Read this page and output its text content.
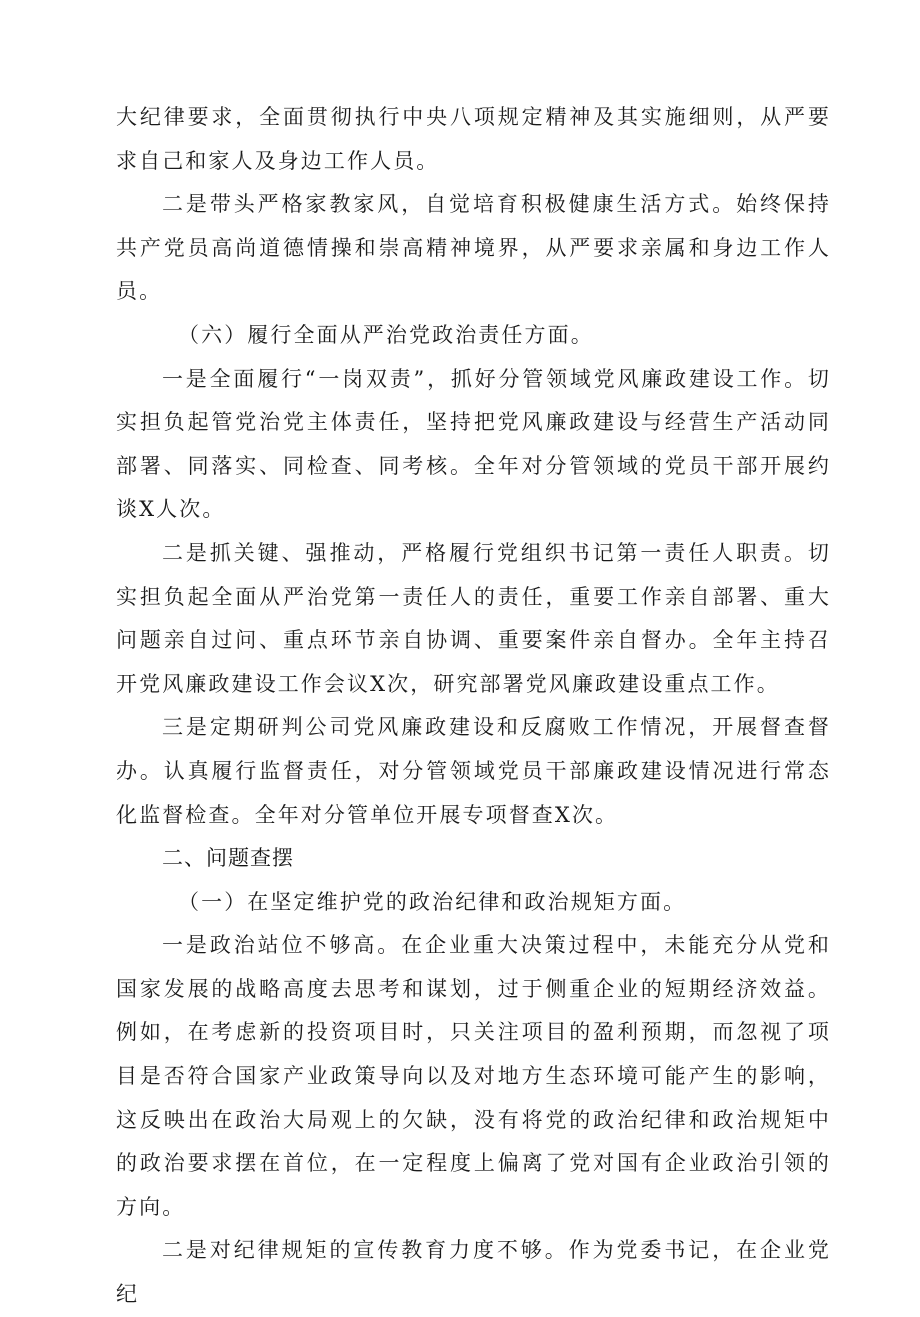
大纪律要求，全面贯彻执行中央八项规定精神及其实施细则，从严要求自己和家人及身边工作人员。

二是带头严格家教家风，自觉培育积极健康生活方式。始终保持共产党员高尚道德情操和崇高精神境界，从严要求亲属和身边工作人员。

（六）履行全面从严治党政治责任方面。

一是全面履行“一岗双责”，抓好分管领域党风廉政建设工作。切实担负起管党治党主体责任，坚持把党风廉政建设与经营生产活动同部署、同落实、同检查、同考核。全年对分管领域的党员干部开展约谈X人次。

二是抓关键、强推动，严格履行党组织书记第一责任人职责。切实担负起全面从严治党第一责任人的责任，重要工作亲自部署、重大问题亲自过问、重点环节亲自协调、重要案件亲自督办。全年主持召开党风廉政建设工作会议X次，研究部署党风廉政建设重点工作。

三是定期研判公司党风廉政建设和反腐败工作情况，开展督查督办。认真履行监督责任，对分管领域党员干部廉政建设情况进行常态化监督检查。全年对分管单位开展专项督查X次。

二、问题查摆

（一）在坚定维护党的政治纪律和政治规矩方面。

一是政治站位不够高。在企业重大决策过程中，未能充分从党和国家发展的战略高度去思考和谋划，过于侧重企业的短期经济效益。例如，在考虑新的投资项目时，只关注项目的盈利预期，而忽视了项目是否符合国家产业政策导向以及对地方生态环境可能产生的影响，这反映出在政治大局观上的欠缺，没有将党的政治纪律和政治规矩中的政治要求摆在首位，在一定程度上偏离了党对国有企业政治引领的方向。

二是对纪律规矩的宣传教育力度不够。作为党委书记，在企业党纪
